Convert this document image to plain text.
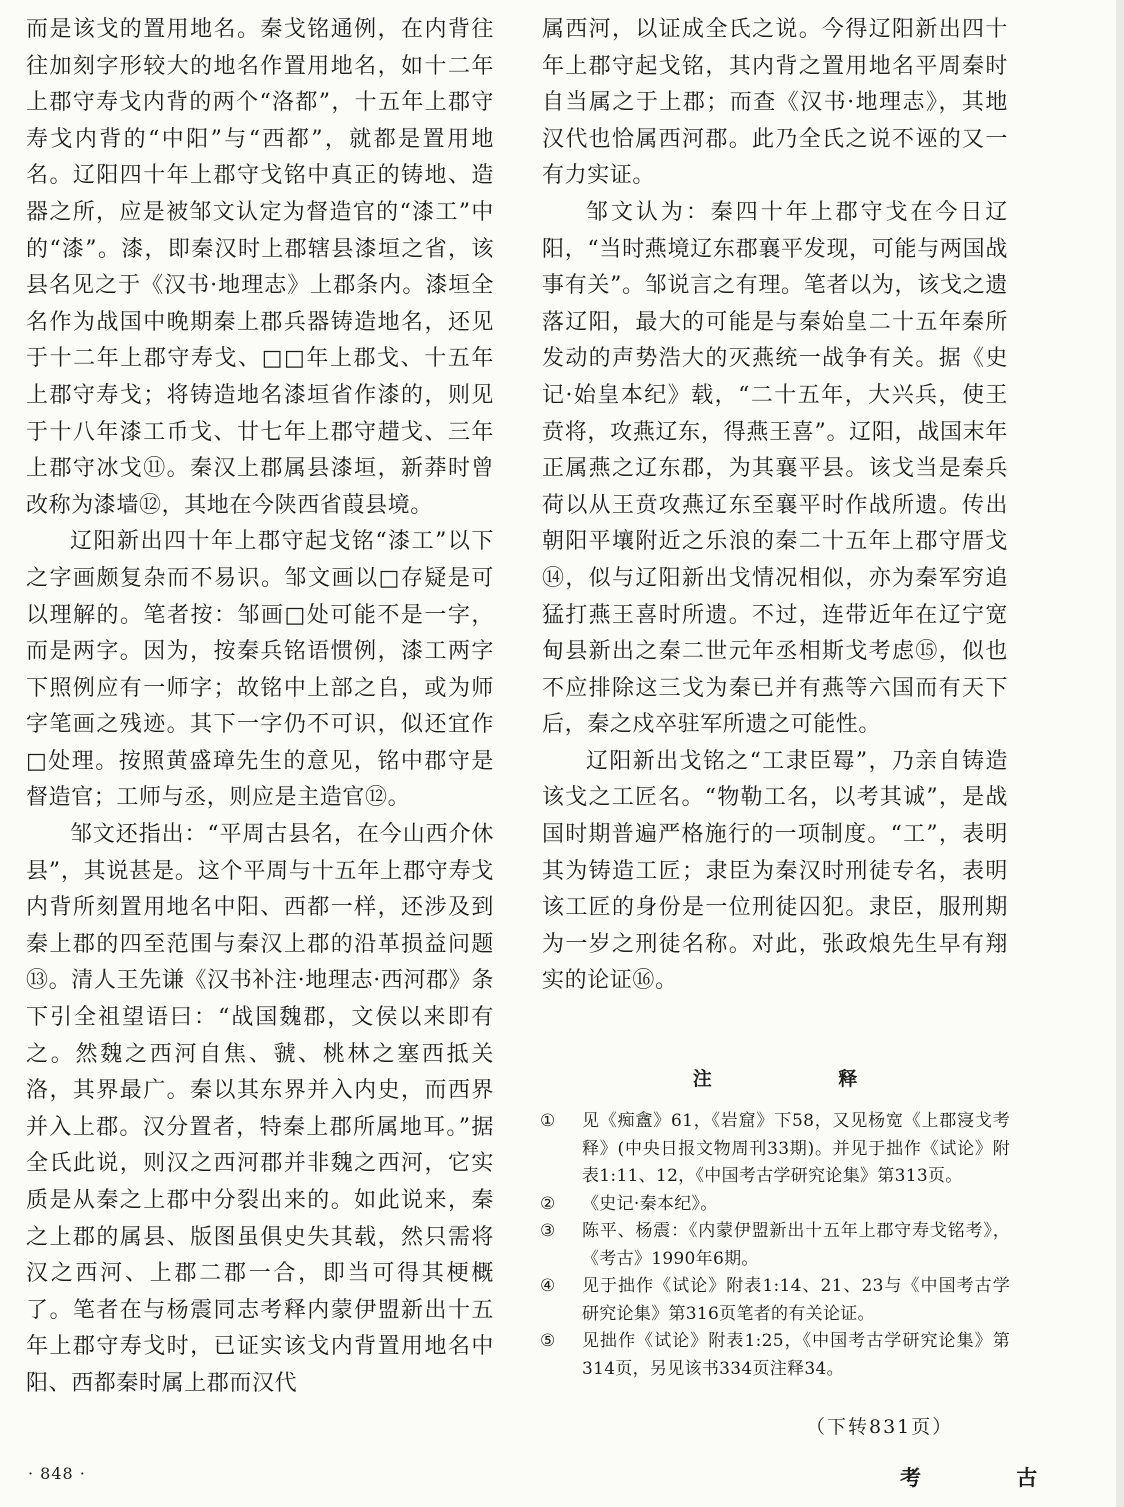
而是该戈的置用地名。秦戈铭通例，在内背往往加刻字形较大的地名作置用地名，如十二年上郡守寿戈内背的两个“洛都”，十五年上郡守寿戈内背的“中阳”与“西都”，就都是置用地名。辽阳四十年上郡守戈铭中真正的铸地、造器之所，应是被邹文认定为督造官的“漆工”中的“漆”。漆，即秦汉时上郡辖县漆垣之省，该县名见之于《汉书·地理志》上郡条内。漆垣全名作为战国中晚期秦上郡兵器铸造地名，还见于十二年上郡守寿戈、□□年上郡戈、十五年上郡守寿戈；将铸造地名漆垣省作漆的，则见于十八年漆工币戈、廿七年上郡守趞戈、三年上郡守冰戈⑪。秦汉上郡属县漆垣，新莽时曾改称为漆墙⑫，其地在今陕西省葭县境。

辽阳新出四十年上郡守起戈铭“漆工”以下之字画颇复杂而不易识。邹文画以□存疑是可以理解的。笔者按：邹画□处可能不是一字，而是两字。因为，按秦兵铭语惯例，漆工两字下照例应有一师字；故铭中上部之𠂤，或为师字笔画之残迹。其下一字仍不可识，似还宜作□处理。按照黄盛璋先生的意见，铭中郡守是督造官；工师与丞，则应是主造官⑫。

邹文还指出：“平周古县名，在今山西介休县”，其说甚是。这个平周与十五年上郡守寿戈内背所刻置用地名中阳、西都一样，还涉及到秦上郡的四至范围与秦汉上郡的沿革损益问题⑬。清人王先谦《汉书补注·地理志·西河郡》条下引全祖望语曰：“战国魏郡，文侯以来即有之。然魏之西河自焦、虢、桃林之塞西抵关洛，其界最广。秦以其东界并入内史，而西界并入上郡。汉分置者，特秦上郡所属地耳。”据全氏此说，则汉之西河郡并非魏之西河，它实质是从秦之上郡中分裂出来的。如此说来，秦之上郡的属县、版图虽俱史失其载，然只需将汉之西河、上郡二郡一合，即当可得其梗概了。笔者在与杨震同志考释内蒙伊盟新出十五年上郡守寿戈时，已证实该戈内背置用地名中阳、西都秦时属上郡而汉代

属西河，以证成全氏之说。今得辽阳新出四十年上郡守起戈铭，其内背之置用地名平周秦时自当属之于上郡；而查《汉书·地理志》，其地汉代也恰属西河郡。此乃全氏之说不诬的又一有力实证。

邹文认为：秦四十年上郡守戈在今日辽阳，“当时燕境辽东郡襄平发现，可能与两国战事有关”。邹说言之有理。笔者以为，该戈之遗落辽阳，最大的可能是与秦始皇二十五年秦所发动的声势浩大的灭燕统一战争有关。据《史记·始皇本纪》载，“二十五年，大兴兵，使王贲将，攻燕辽东，得燕王喜”。辽阳，战国末年正属燕之辽东郡，为其襄平县。该戈当是秦兵荷以从王贲攻燕辽东至襄平时作战所遗。传出朝阳平壤附近之乐浪的秦二十五年上郡守厝戈⑭，似与辽阳新出戈情况相似，亦为秦军穷追猛打燕王喜时所遗。不过，连带近年在辽宁宽甸县新出之秦二世元年丞相斯戈考虑⑮，似也不应排除这三戈为秦已并有燕等六国而有天下后，秦之戍卒驻军所遗之可能性。

辽阳新出戈铭之“工隶臣䍙”，乃亲自铸造该戈之工匠名。“物勒工名，以考其诚”，是战国时期普遍严格施行的一项制度。“工”，表明其为铸造工匠；隶臣为秦汉时刑徒专名，表明该工匠的身份是一位刑徒囚犯。隶臣，服刑期为一岁之刑徒名称。对此，张政烺先生早有翔实的论证⑯。

注 释
①	见《痴盦》61，《岩窟》下58，又见杨宽《上郡寖戈考释》(中央日报文物周刊33期)。并见于拙作《试论》附表1:11、12，《中国考古学研究论集》第313页。
②	《史记·秦本纪》。
③	陈平、杨震：《内蒙伊盟新出十五年上郡守寿戈铭考》，《考古》1990年6期。
④	见于拙作《试论》附表1:14、21、23与《中国考古学研究论集》第316页笔者的有关论证。
⑤	见拙作《试论》附表1:25，《中国考古学研究论集》第314页，另见该书334页注释34。
（下转831页）
· 848 ·	考 古
